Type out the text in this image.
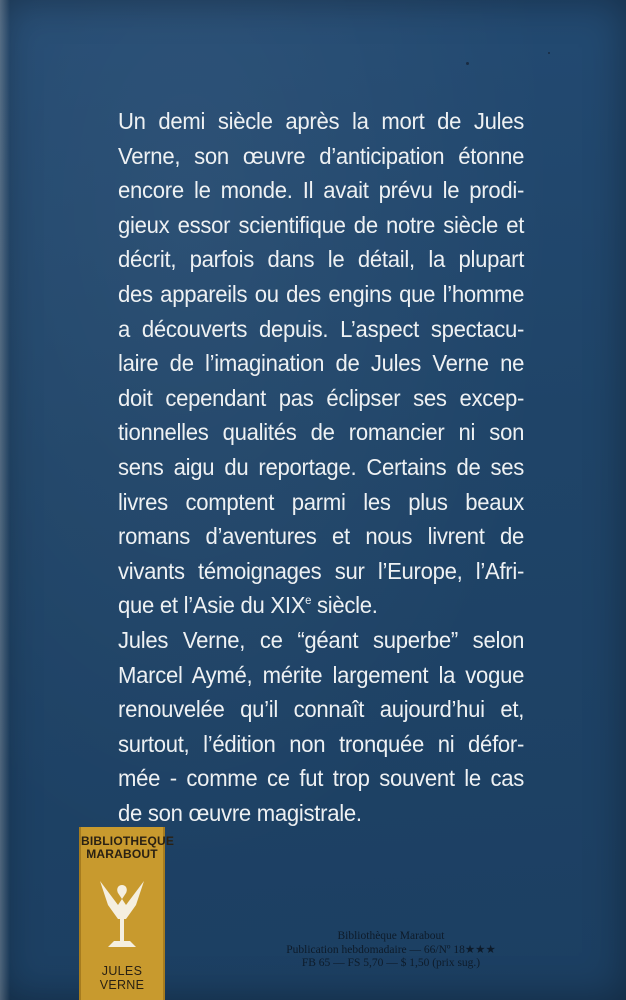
Un demi siècle après la mort de Jules
Verne, son œuvre d’anticipation étonne
encore le monde. Il avait prévu le prodi-
gieux essor scientifique de notre siècle et
décrit, parfois dans le détail, la plupart
des appareils ou des engins que l’homme
a découverts depuis. L’aspect spectacu-
laire de l’imagination de Jules Verne ne
doit cependant pas éclipser ses excep-
tionnelles qualités de romancier ni son
sens aigu du reportage. Certains de ses
livres comptent parmi les plus beaux
romans d’aventures et nous livrent de
vivants témoignages sur l’Europe, l’Afri-
que et l’Asie du XIXe siècle.
Jules Verne, ce “géant superbe” selon
Marcel Aymé, mérite largement la vogue
renouvelée qu’il connaît aujourd’hui et,
surtout, l’édition non tronquée ni défor-
mée - comme ce fut trop souvent le cas
de son œuvre magistrale.

BIBLIOTHEQUE
MARABOUT
JULES VERNE
Bibliothèque Marabout
Publication hebdomadaire — 66/Nº 18★★★
FB 65 — FS 5,70 — $ 1,50 (prix sug.)
